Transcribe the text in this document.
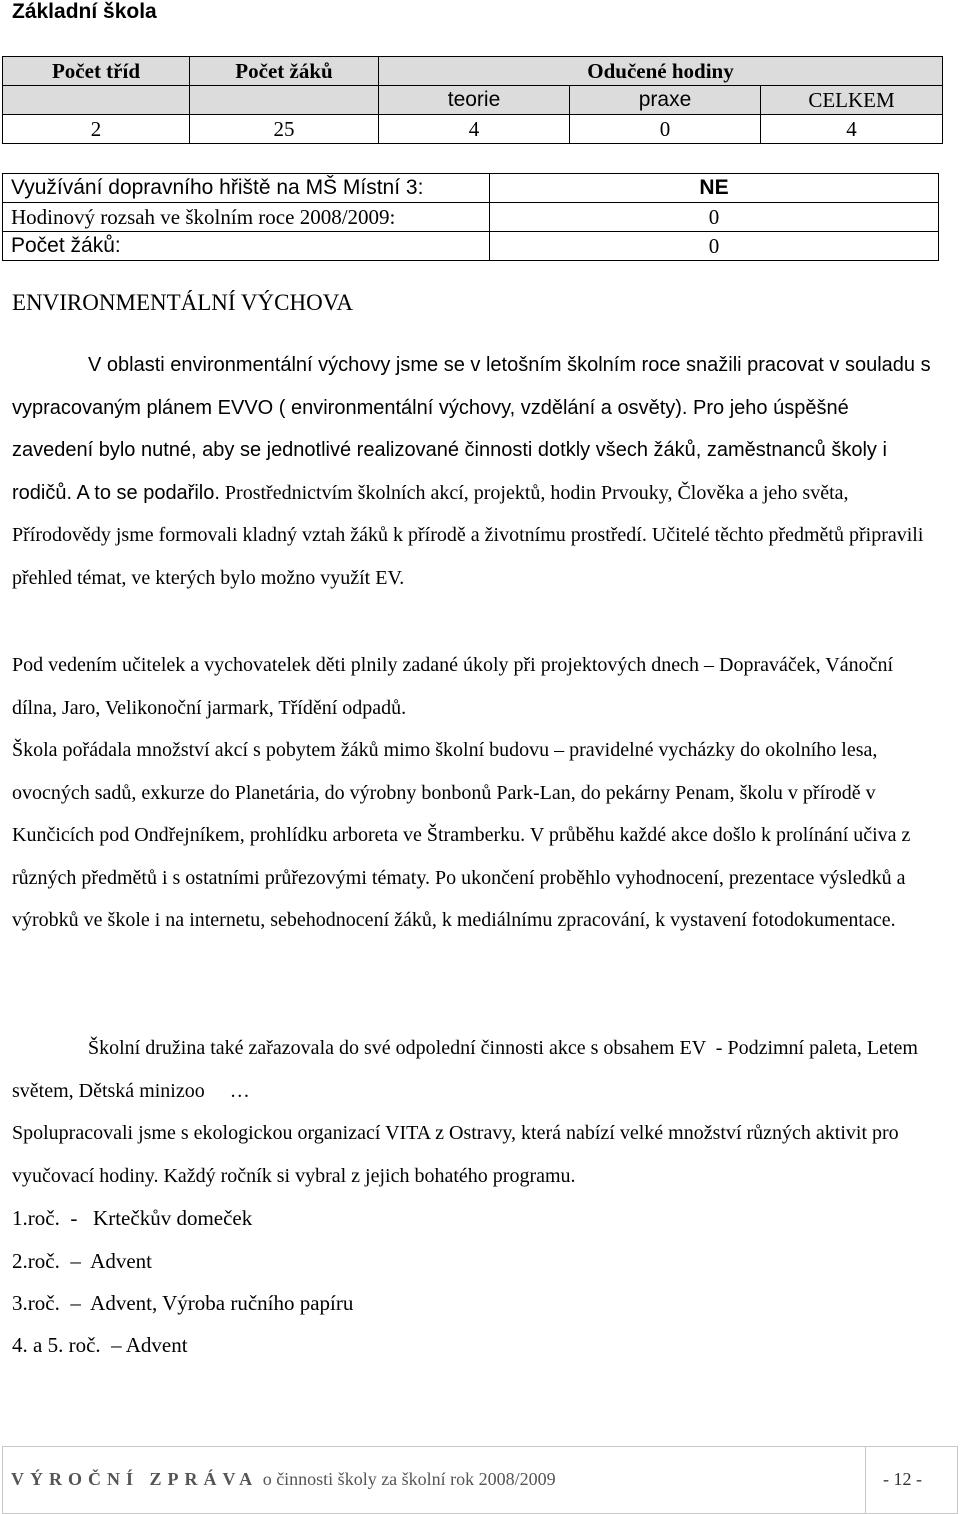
Základní škola
Počet tříd	Počet žáků	Odučené hodiny		
		teorie	praxe	CELKEM
2	25	4	0	4
Využívání dopravního hřiště na MŠ Místní 3:	NE
Hodinový rozsah ve školním roce 2008/2009:	0
Počet žáků:	0
ENVIRONMENTÁLNÍ VÝCHOVA

V oblasti environmentální výchovy jsme se v letošním školním roce snažili pracovat v souladu s vypracovaným plánem EVVO ( environmentální výchovy, vzdělání a osvěty). Pro jeho úspěšné zavedení bylo nutné, aby se jednotlivé realizované činnosti dotkly všech žáků, zaměstnanců školy i rodičů. A to se podařilo. Prostřednictvím školních akcí, projektů, hodin Prvouky, Člověka a jeho světa, Přírodovědy jsme formovali kladný vztah žáků k přírodě a životnímu prostředí. Učitelé těchto předmětů připravili přehled témat, ve kterých bylo možno využít EV.

Pod vedením učitelek a vychovatelek děti plnily zadané úkoly při projektových dnech – Dopraváček, Vánoční dílna, Jaro, Velikonoční jarmark, Třídění odpadů.

Škola pořádala množství akcí s pobytem žáků mimo školní budovu – pravidelné vycházky do okolního lesa, ovocných sadů, exkurze do Planetária, do výrobny bonbonů Park-Lan, do pekárny Penam, školu v přírodě v Kunčicích pod Ondřejníkem, prohlídku arboreta ve Štramberku. V průběhu každé akce došlo k prolínání učiva z různých předmětů i s ostatními průřezovými tématy. Po ukončení proběhlo vyhodnocení, prezentace výsledků a výrobků ve škole i na internetu, sebehodnocení žáků, k mediálnímu zpracování, k vystavení fotodokumentace.

Školní družina také zařazovala do své odpolední činnosti akce s obsahem EV  - Podzimní paleta, Letem světem, Dětská minizoo     …

Spolupracovali jsme s ekologickou organizací VITA z Ostravy, která nabízí velké množství různých aktivit pro vyučovací hodiny. Každý ročník si vybral z jejich bohatého programu.

1.roč.  -   Krtečkův domeček
2.roč.  –  Advent
3.roč.  –  Advent, Výroba ručního papíru
4. a 5. roč.  – Advent
VÝROČNÍ ZPRÁVA o činnosti školy za školní rok 2008/2009	- 12 -
